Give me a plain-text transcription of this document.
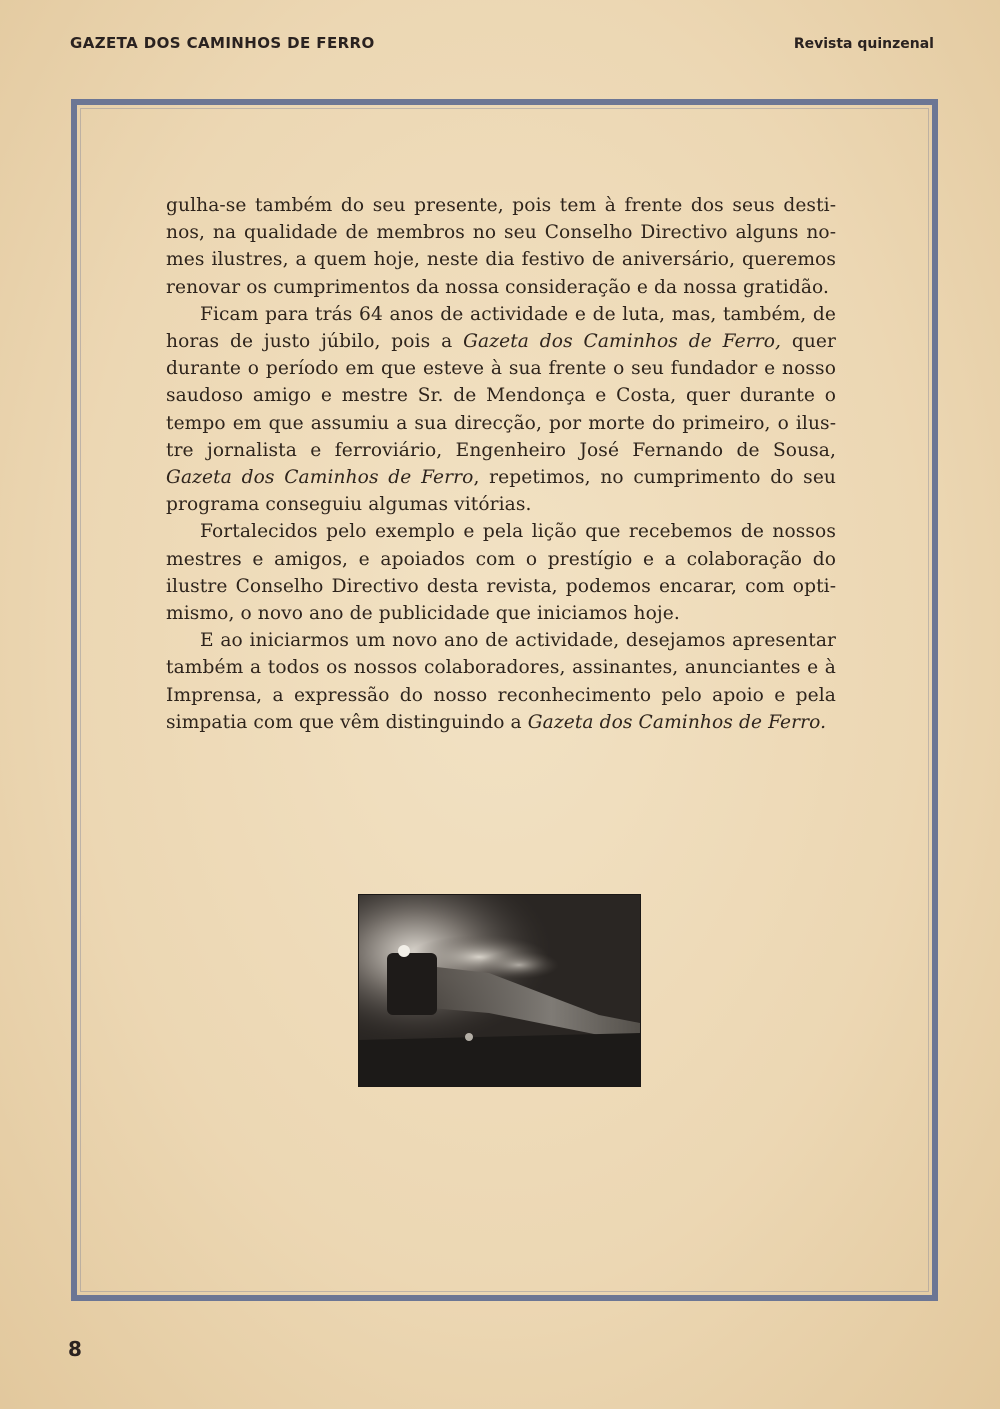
GAZETA DOS CAMINHOS DE FERRO	Revista quinzenal

gulha-se também do seu presente, pois tem à frente dos seus destinos, na qualidade de membros no seu Conselho Directivo alguns nomes ilustres, a quem hoje, neste dia festivo de aniversário, queremos renovar os cumprimentos da nossa consideração e da nossa gratidão.

Ficam para trás 64 anos de actividade e de luta, mas, também, de horas de justo júbilo, pois a Gazeta dos Caminhos de Ferro, quer durante o período em que esteve à sua frente o seu fundador e nosso saudoso amigo e mestre Sr. de Mendonça e Costa, quer durante o tempo em que assumiu a sua direcção, por morte do primeiro, o ilustre jornalista e ferroviário, Engenheiro José Fernando de Sousa, Gazeta dos Caminhos de Ferro, repetimos, no cumprimento do seu programa conseguiu algumas vitórias.

Fortalecidos pelo exemplo e pela lição que recebemos de nossos mestres e amigos, e apoiados com o prestígio e a colaboração do ilustre Conselho Directivo desta revista, podemos encarar, com optimismo, o novo ano de publicidade que iniciamos hoje.

E ao iniciarmos um novo ano de actividade, desejamos apresentar também a todos os nossos colaboradores, assinantes, anunciantes e à Imprensa, a expressão do nosso reconhecimento pelo apoio e pela simpatia com que vêm distinguindo a Gazeta dos Caminhos de Ferro.

8
